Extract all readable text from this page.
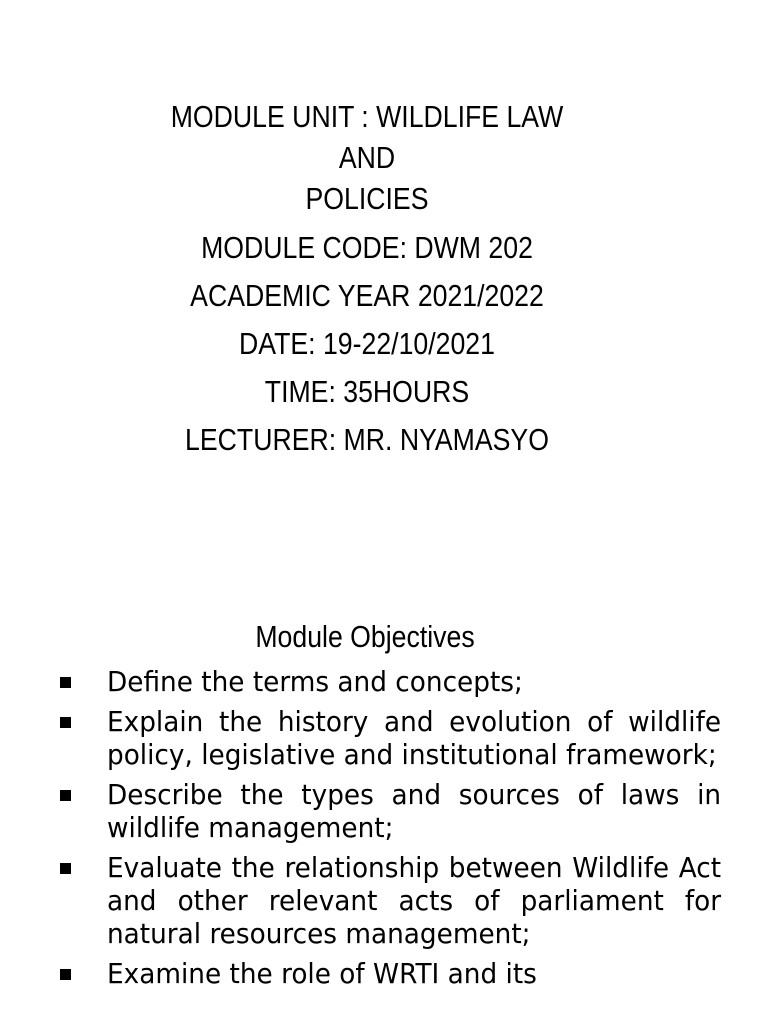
MODULE UNIT : WILDLIFE LAW AND
POLICIES
MODULE CODE: DWM 202
ACADEMIC YEAR 2021/2022
DATE: 19-22/10/2021
TIME: 35HOURS
LECTURER: MR. NYAMASYO
Module Objectives
Define the terms and concepts;
Explain the history and evolution of wildlife policy, legislative and institutional framework;
Describe the types and sources of laws in wildlife management;
Evaluate the relationship between Wildlife Act and other relevant acts of parliament for natural resources management;
Examine the role of WRTI and its
